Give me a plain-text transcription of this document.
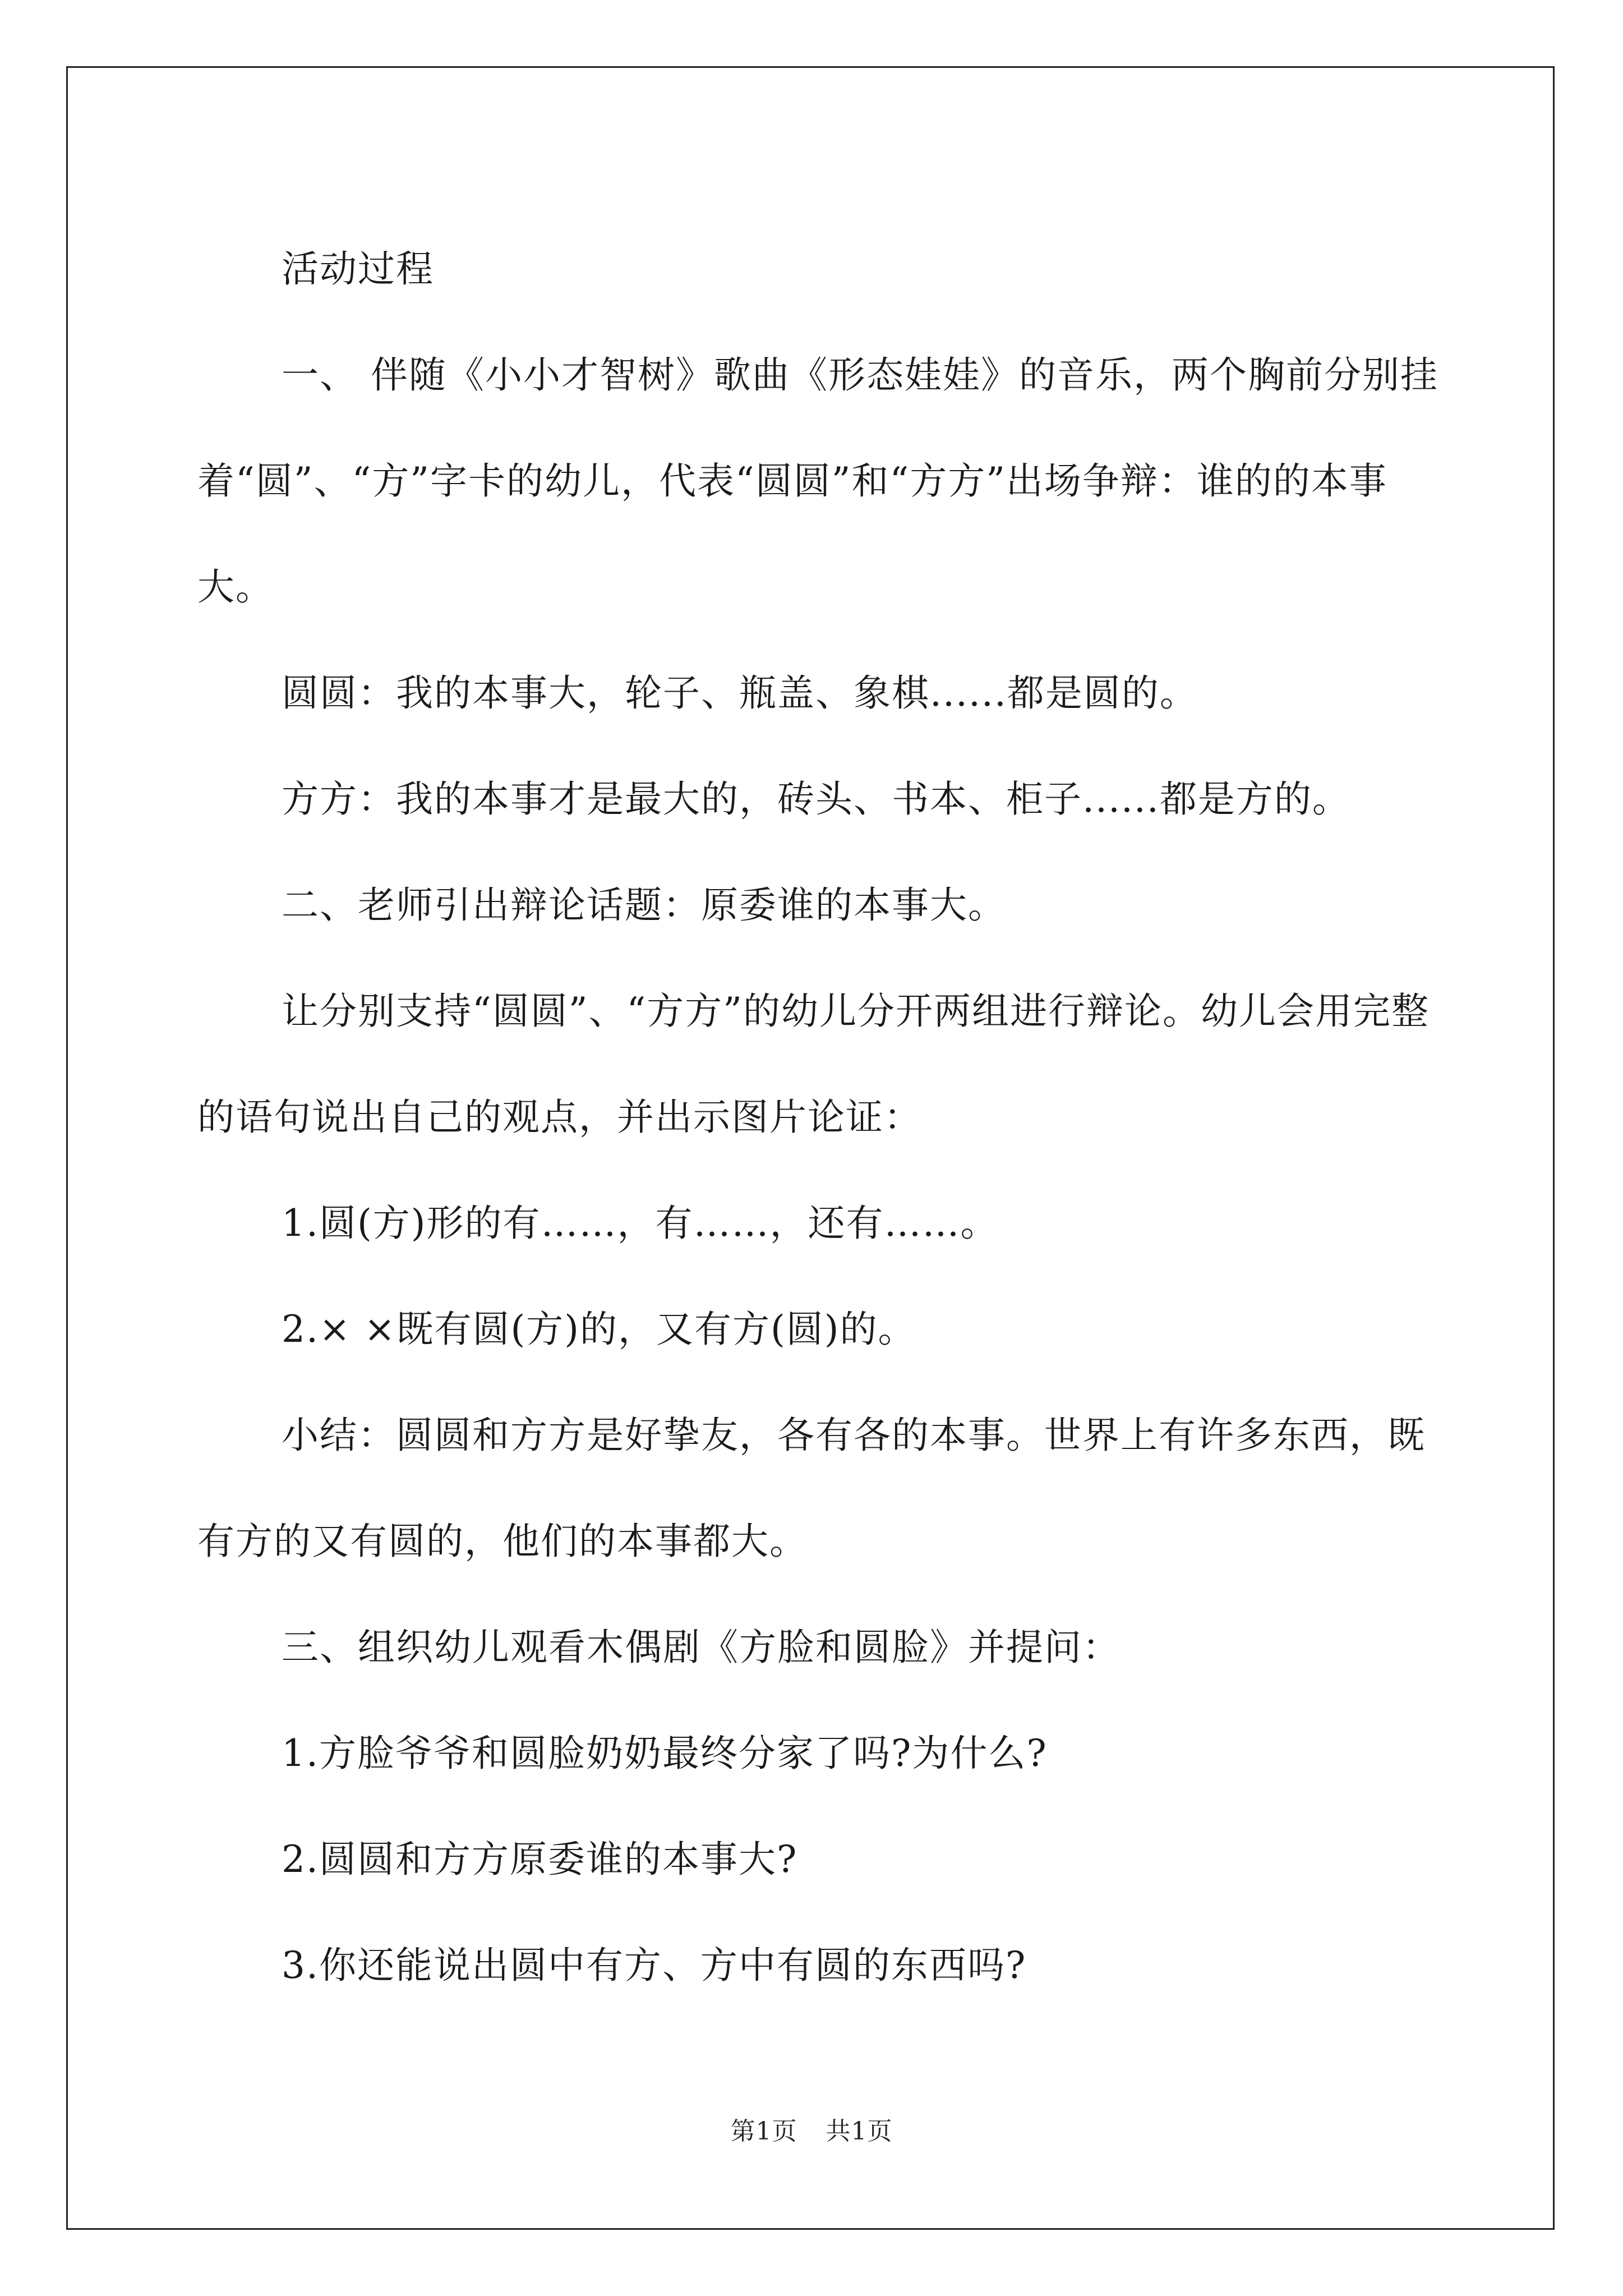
活动过程

一、 伴随《小小才智树》歌曲《形态娃娃》的音乐，两个胸前分别挂着“圆”、“方”字卡的幼儿，代表“圆圆”和“方方”出场争辩：谁的的本事大。

圆圆：我的本事大，轮子、瓶盖、象棋......都是圆的。

方方：我的本事才是最大的，砖头、书本、柜子......都是方的。

二、老师引出辩论话题：原委谁的本事大。

让分别支持“圆圆”、“方方”的幼儿分开两组进行辩论。幼儿会用完整的语句说出自己的观点，并出示图片论证：

1.圆(方)形的有……，有……，还有……。

2.× ×既有圆(方)的，又有方(圆)的。

小结：圆圆和方方是好挚友，各有各的本事。世界上有许多东西，既有方的又有圆的，他们的本事都大。

三、组织幼儿观看木偶剧《方脸和圆脸》并提问：

1.方脸爷爷和圆脸奶奶最终分家了吗?为什么?

2.圆圆和方方原委谁的本事大?

3.你还能说出圆中有方、方中有圆的东西吗?

第1页 共1页
